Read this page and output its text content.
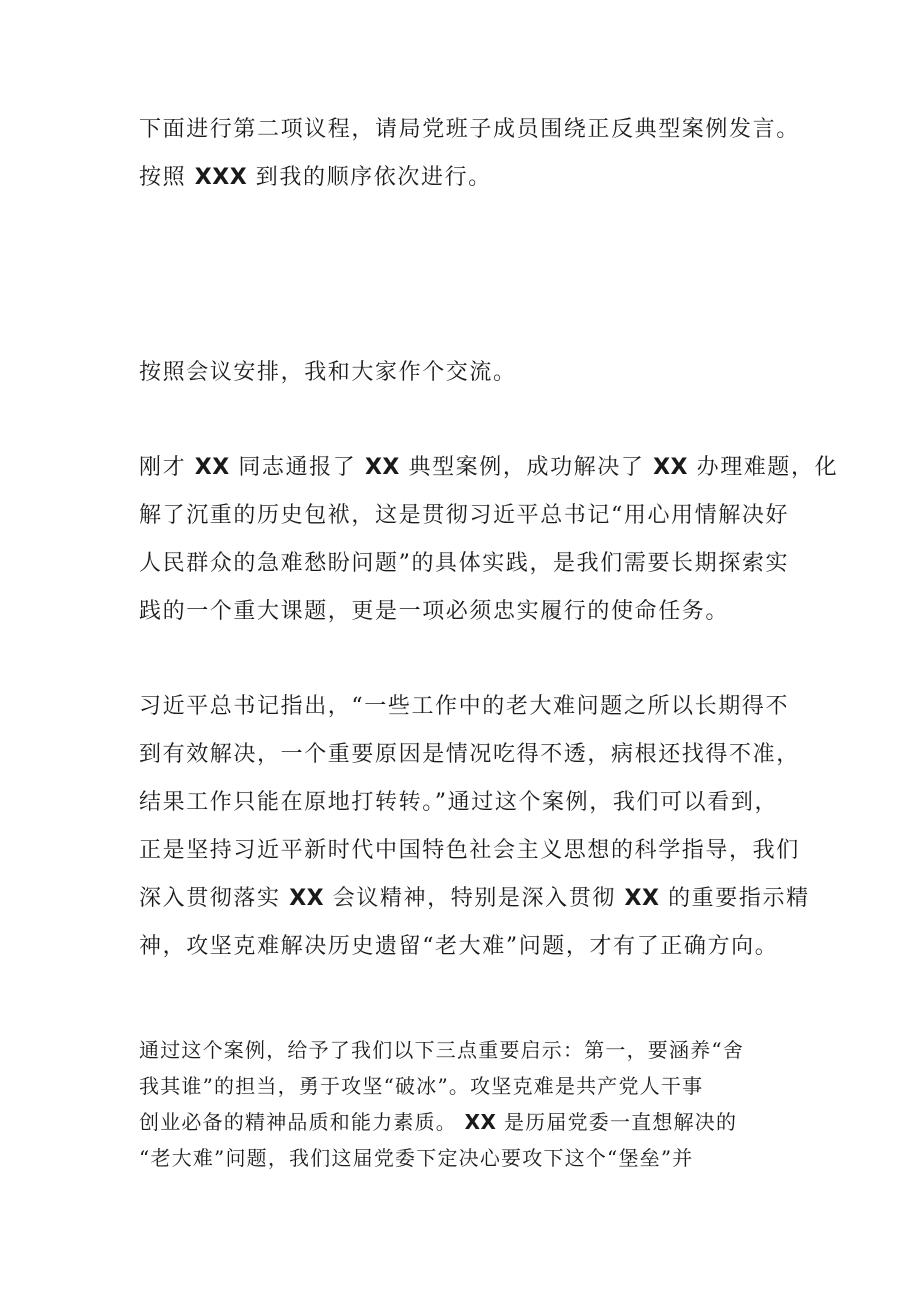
下面进行第二项议程，请局党班子成员围绕正反典型案例发言。
按照 XXX 到我的顺序依次进行。
按照会议安排，我和大家作个交流。
刚才 XX 同志通报了 XX 典型案例，成功解决了 XX 办理难题，化
解了沉重的历史包袱，这是贯彻习近平总书记“用心用情解决好
人民群众的急难愁盼问题”的具体实践，是我们需要长期探索实
践的一个重大课题，更是一项必须忠实履行的使命任务。
习近平总书记指出，“一些工作中的老大难问题之所以长期得不
到有效解决，一个重要原因是情况吃得不透，病根还找得不准，
结果工作只能在原地打转转。”通过这个案例，我们可以看到，
正是坚持习近平新时代中国特色社会主义思想的科学指导，我们
深入贯彻落实 XX 会议精神，特别是深入贯彻 XX 的重要指示精
神，攻坚克难解决历史遗留“老大难”问题，才有了正确方向。
通过这个案例，给予了我们以下三点重要启示：第一，要涵养“舍
我其谁”的担当，勇于攻坚“破冰”。攻坚克难是共产党人干事
创业必备的精神品质和能力素质。 XX 是历届党委一直想解决的
“老大难”问题，我们这届党委下定决心要攻下这个“堡垒”并
